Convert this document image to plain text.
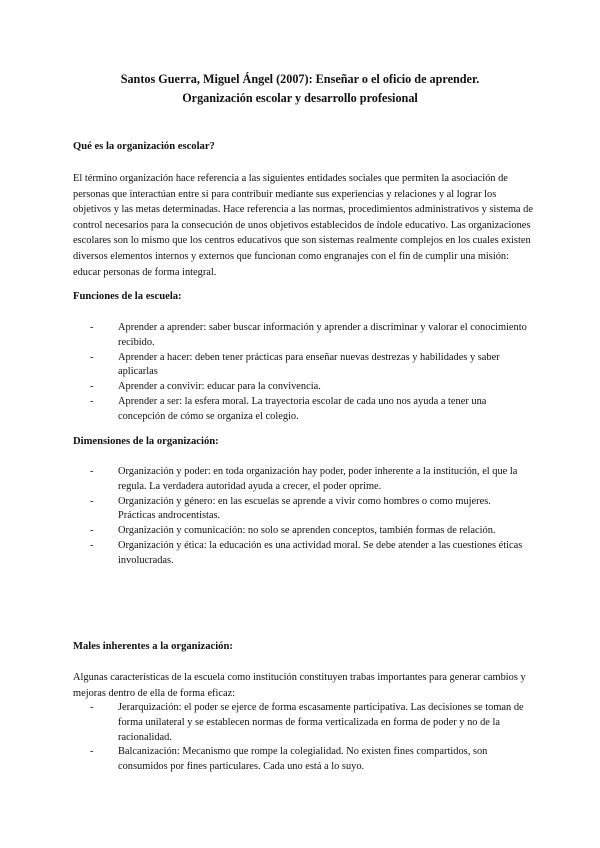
Santos Guerra, Miguel Ángel (2007): Enseñar o el oficio de aprender.
Organización escolar y desarrollo profesional

Qué es la organización escolar?

El término organización hace referencia a las siguientes entidades sociales que permiten la asociación de personas que interactúan entre sí para contribuir mediante sus experiencias y relaciones y al lograr los objetivos y las metas determinadas. Hace referencia a las normas, procedimientos administrativos y sistema de control necesarios para la consecución de unos objetivos establecidos de índole educativo. Las organizaciones escolares son lo mismo que los centros educativos que son sistemas realmente complejos en los cuales existen diversos elementos internos y externos que funcionan como engranajes con el fin de cumplir una misión: educar personas de forma integral.

Funciones de la escuela:

- Aprender a aprender: saber buscar información y aprender a discriminar y valorar el conocimiento recibido.
- Aprender a hacer: deben tener prácticas para enseñar nuevas destrezas y habilidades y saber aplicarlas
- Aprender a convivir: educar para la convivencia.
- Aprender a ser: la esfera moral. La trayectoria escolar de cada uno nos ayuda a tener una concepción de cómo se organiza el colegio.

Dimensiones de la organización:

- Organización y poder: en toda organización hay poder, poder inherente a la institución, el que la regula. La verdadera autoridad ayuda a crecer, el poder oprime.
- Organización y género: en las escuelas se aprende a vivir como hombres o como mujeres. Prácticas androcentistas.
- Organización y comunicación: no solo se aprenden conceptos, también formas de relación.
- Organización y ética: la educación es una actividad moral. Se debe atender a las cuestiones éticas involucradas.

Males inherentes a la organización:

Algunas características de la escuela como institución constituyen trabas importantes para generar cambios y mejoras dentro de ella de forma eficaz:

- Jerarquización: el poder se ejerce de forma escasamente participativa. Las decisiones se toman de forma unilateral y se establecen normas de forma verticalizada en forma de poder y no de la racionalidad.
- Balcanización: Mecanismo que rompe la colegialidad. No existen fines compartidos, son consumidos por fines particulares. Cada uno está a lo suyo.
